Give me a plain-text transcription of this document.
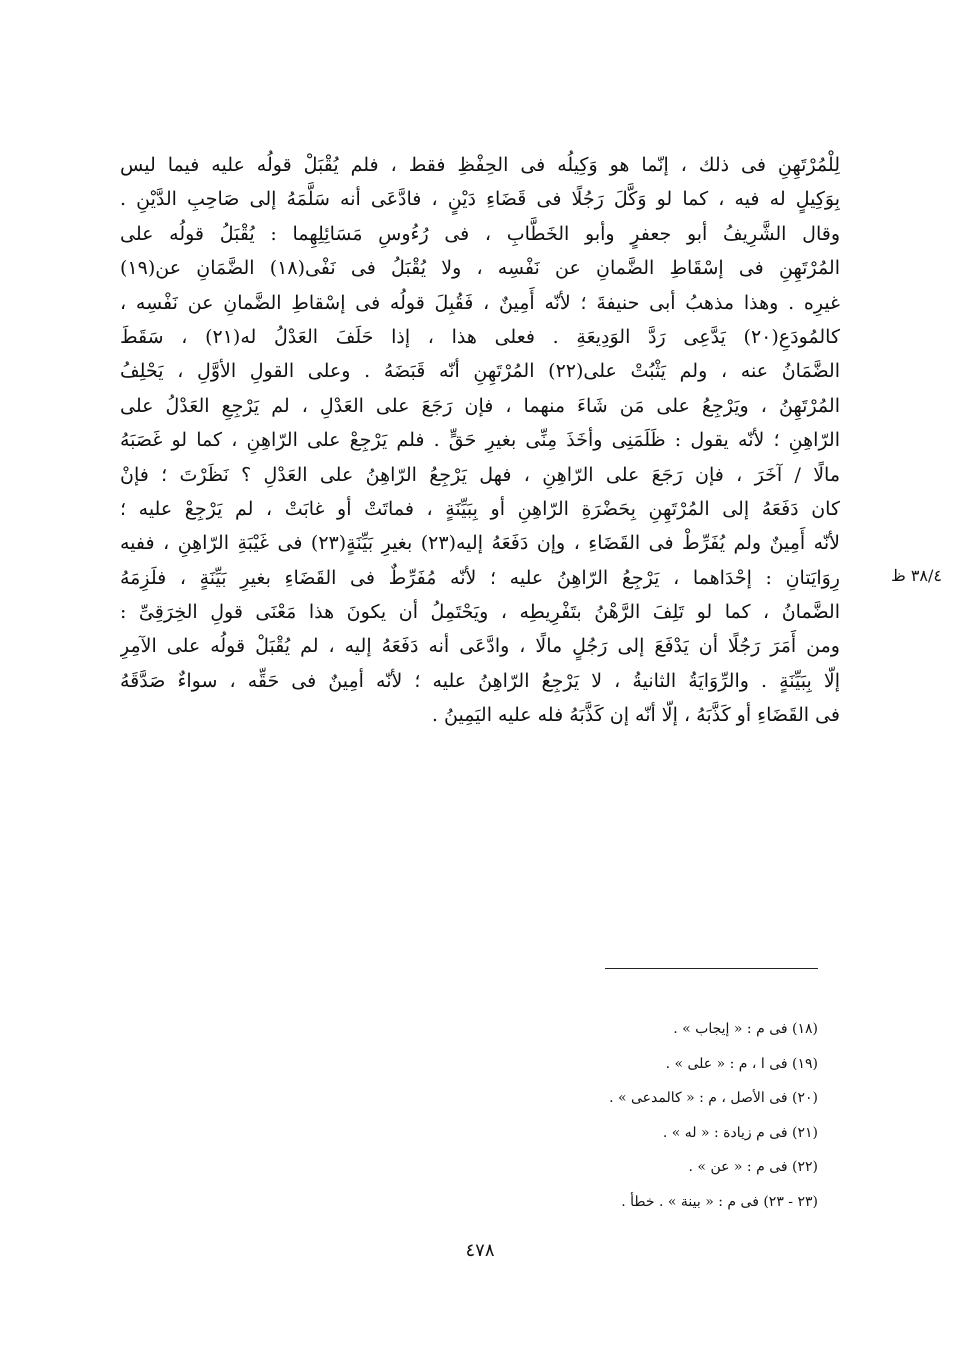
لِلْمُرْتَهِنِ فى ذلك ، إنّما هو وَكِيلُه فى الحِفْظِ فقط ، فلم يُقْبَلْ قولُه عليه فيما ليس
بِوَكِيلٍ له فيه ، كما لو وَكَّلَ رَجُلًا فى قَضَاءِ دَيْنٍ ، فادَّعَى أنه سَلَّمَهُ إلى صَاحِبِ الدَّيْنِ .
وقال الشَّرِيفُ أبو جعفرٍ وأبو الخَطَّابِ ، فى رُءُوسِ مَسَائِلِهِما : يُقْبَلُ قولُه على
المُرْتَهِنِ فى إسْقَاطِ الضَّمانِ عن نَفْسِه ، ولا يُقْبَلُ فى نَفْى(١٨) الضَّمَانِ عن(١٩)
غيرِه . وهذا مذهبُ أبى حنيفةَ ؛ لأنّه أَمِينٌ ، فَقُبِلَ قولُه فى إسْقاطِ الضَّمانِ عن نَفْسِه ،
كالمُودَعِ(٢٠) يَدَّعِى رَدَّ الوَدِيعَةِ . فعلى هذا ، إذا حَلَفَ العَدْلُ له(٢١) ، سَقَطَ
الضَّمَانُ عنه ، ولم يَثْبُتْ على(٢٢) المُرْتَهِنِ أنّه قَبَضَهُ . وعلى القولِ الأوَّلِ ، يَحْلِفُ
المُرْتَهِنُ ، ويَرْجِعُ على مَن شَاءَ منهما ، فإن رَجَعَ على العَدْلِ ، لم يَرْجِعِ العَدْلُ على
الرّاهِنِ ؛ لأنّه يقول : ظَلَمَنِى وأخَذَ مِنِّى بغيرِ حَقٍّ . فلم يَرْجِعْ على الرّاهِنِ ، كما لو غَصَبَهُ
مالًا / آخَرَ ، فإن رَجَعَ على الرّاهِنِ ، فهل يَرْجِعُ الرّاهِنُ على العَدْلِ ؟ نَظَرْتَ ؛ فإنْ
كان دَفَعَهُ إلى المُرْتَهِنِ بِحَضْرَةِ الرّاهِنِ أو بِبَيِّنَةٍ ، فماتَتْ أو غابَتْ ، لم يَرْجِعْ عليه ؛
لأنّه أَمِينٌ ولم يُفَرِّطْ فى القَضَاءِ ، وإن دَفَعَهُ إليه(٢٣) بغيرِ بَيِّنَةٍ(٢٣) فى غَيْبَةِ الرّاهِنِ ، ففيه
رِوَايَتانِ : إحْدَاهما ، يَرْجِعُ الرّاهِنُ عليه ؛ لأنّه مُفَرِّطٌ فى القَضَاءِ بغيرِ بَيِّنَةٍ ، فلَزِمَهُ
الضَّمانُ ، كما لو تَلِفَ الرَّهْنُ بتَفْرِيطِه ، ويَحْتَمِلُ أن يكونَ هذا مَعْنَى قولِ الخِرَقِىِّ :
ومن أَمَرَ رَجُلًا أن يَدْفَعَ إلى رَجُلٍ مالًا ، وادَّعَى أنه دَفَعَهُ إليه ، لم يُقْبَلْ قولُه على الآمِرِ
إلّا بِبَيِّنَةٍ . والرِّوَايَةُ الثانيةُ ، لا يَرْجِعُ الرّاهِنُ عليه ؛ لأنّه أمِينٌ فى حَقِّه ، سواءٌ صَدَّقَهُ
فى القَضَاءِ أو كَذَّبَهُ ، إلّا أنّه إن كَذَّبَهُ فله عليه اليَمِينُ .
٣٨/٤ ظ
(١٨) فى م : « إيجاب » .
(١٩) فى ا ، م : « على » .
(٢٠) فى الأصل ، م : « كالمدعى » .
(٢١) فى م زيادة : « له » .
(٢٢) فى م : « عن » .
(٢٣ - ٢٣) فى م : « بينة » . خطأ .
٤٧٨
